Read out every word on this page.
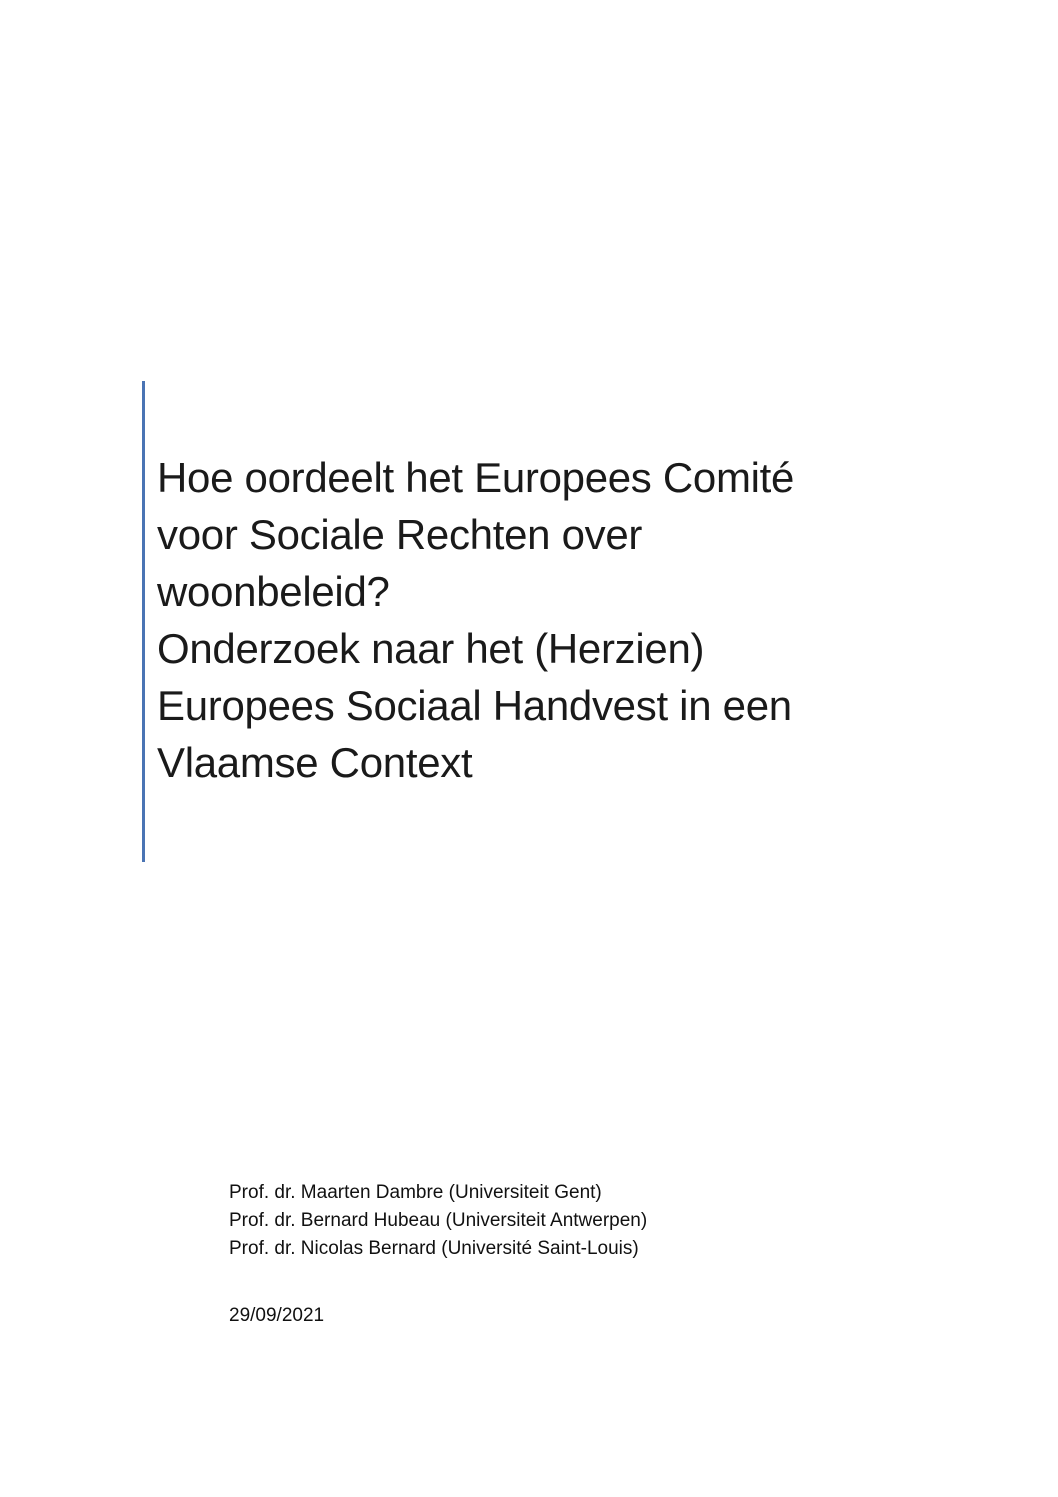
Hoe oordeelt het Europees Comité
voor Sociale Rechten over
woonbeleid?
Onderzoek naar het (Herzien)
Europees Sociaal Handvest in een
Vlaamse Context
Prof. dr. Maarten Dambre (Universiteit Gent)
Prof. dr. Bernard Hubeau (Universiteit Antwerpen)
Prof. dr. Nicolas Bernard (Université Saint-Louis)
29/09/2021
